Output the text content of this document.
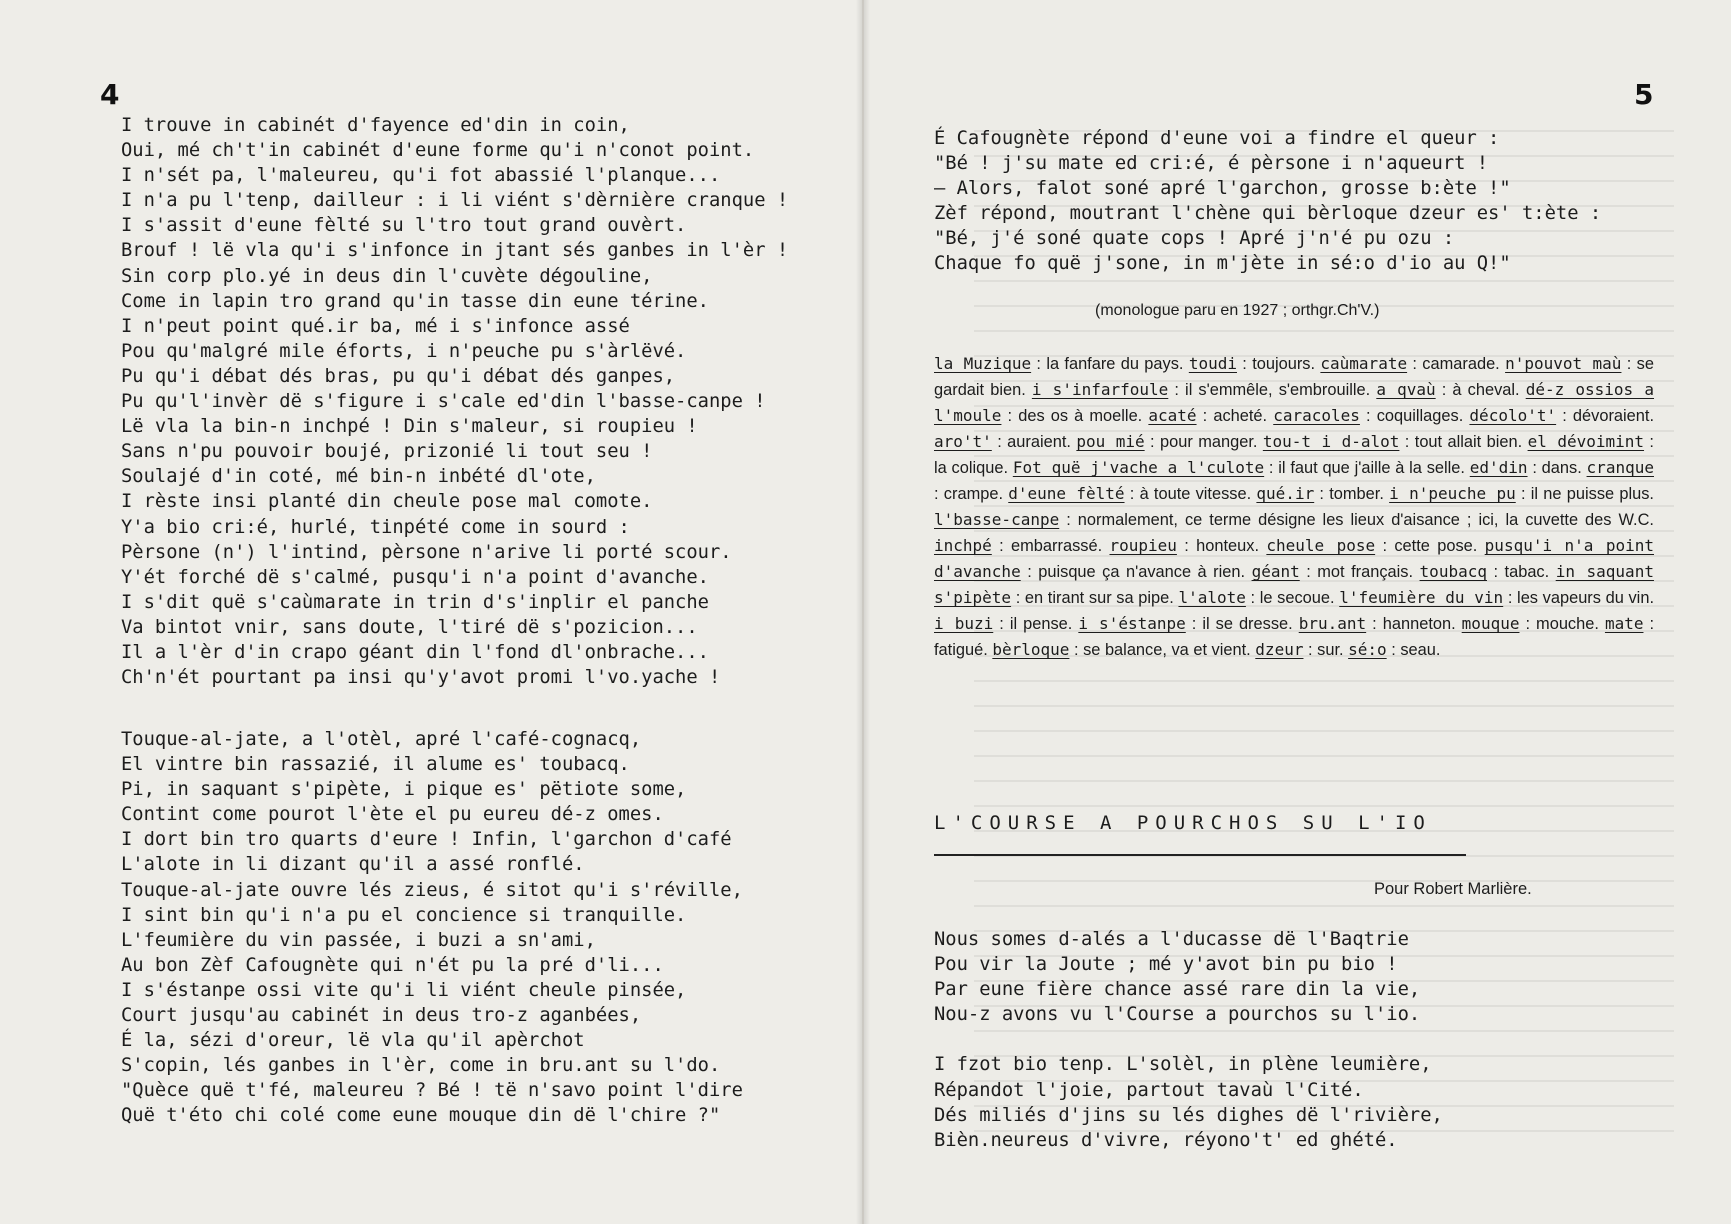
4	5
I trouve in cabinét d'fayence ed'din in coin,
Oui, mé ch't'in cabinét d'eune forme qu'i n'conot point.
I n'sét pa, l'maleureu, qu'i fot abassié l'planque...
I n'a pu l'tenp, dailleur : i li viént s'dèrnière cranque !
I s'assit d'eune fèlté su l'tro tout grand ouvèrt.
Brouf ! lë vla qu'i s'infonce in jtant sés ganbes in l'èr !
Sin corp plo.yé in deus din l'cuvète dégouline,
Come in lapin tro grand qu'in tasse din eune térine.
I n'peut point qué.ir ba, mé i s'infonce assé
Pou qu'malgré mile éforts, i n'peuche pu s'àrlëvé.
Pu qu'i débat dés bras, pu qu'i débat dés ganpes,
Pu qu'l'invèr dë s'figure i s'cale ed'din l'basse-canpe !
Lë vla la bin-n inchpé ! Din s'maleur, si roupieu !
Sans n'pu pouvoir boujé, prizonié li tout seu !
Soulajé d'in coté, mé bin-n inbété dl'ote,
I rèste insi planté din cheule pose mal comote.
Y'a bio cri:é, hurlé, tinpété come in sourd :
Pèrsone (n') l'intind, pèrsone n'arive li porté scour.
Y'ét forché dë s'calmé, pusqu'i n'a point d'avanche.
I s'dit quë s'caùmarate in trin d's'inplir el panche
Va bintot vnir, sans doute, l'tiré dë s'pozicion...
Il a l'èr d'in crapo géant din l'fond dl'onbrache...
Ch'n'ét pourtant pa insi qu'y'avot promi l'vo.yache !
Touque-al-jate, a l'otèl, apré l'café-cognacq,
El vintre bin rassazié, il alume es' toubacq.
Pi, in saquant s'pipète, i pique es' pëtiote some,
Contint come pourot l'ète el pu eureu dé-z omes.
I dort bin tro quarts d'eure ! Infin, l'garchon d'café
L'alote in li dizant qu'il a assé ronflé.
Touque-al-jate ouvre lés zieus, é sitot qu'i s'réville,
I sint bin qu'i n'a pu el concience si tranquille.
L'feumière du vin passée, i buzi a sn'ami,
Au bon Zèf Cafougnète qui n'ét pu la pré d'li...
I s'éstanpe ossi vite qu'i li viént cheule pinsée,
Court jusqu'au cabinét in deus tro-z aganbées,
É la, sézi d'oreur, lë vla qu'il apèrchot
S'copin, lés ganbes in l'èr, come in bru.ant su l'do.
"Quèce quë t'fé, maleureu ? Bé ! të n'savo point l'dire
Quë t'éto chi colé come eune mouque din dë l'chire ?"
É Cafougnète répond d'eune voi a findre el queur :
"Bé ! j'su mate ed cri:é, é pèrsone i n'aqueurt !
— Alors, falot soné apré l'garchon, grosse b:ète !"
Zèf répond, moutrant l'chène qui bèrloque dzeur es' t:ète :
"Bé, j'é soné quate cops ! Apré j'n'é pu ozu :
Chaque fo quë j'sone, in m'jète in sé:o d'io au Q!"
(monologue paru en 1927 ; orthgr.Ch'V.)
la Muzique : la fanfare du pays. toudi : toujours. caùmarate : camarade. n'pouvot maù : se gardait bien. i s'infarfoule : il s'emmêle, s'embrouille. a qvaù : à cheval. dé-z ossios a l'moule : des os à moelle. acaté : acheté. caracoles : coquillages. décolo't' : dévoraient. aro't' : auraient. pou mié : pour manger. tou-t i d-alot : tout allait bien. el dévoimint : la colique. Fot quë j'vache a l'culote : il faut que j'aille à la selle. ed'din : dans. cranque : crampe. d'eune fèlté : à toute vitesse. qué.ir : tomber. i n'peuche pu : il ne puisse plus. l'basse-canpe : normalement, ce terme désigne les lieux d'aisance ; ici, la cuvette des W.C. inchpé : embarrassé. roupieu : honteux. cheule pose : cette pose. pusqu'i n'a point d'avanche : puisque ça n'avance à rien. géant : mot français. toubacq : tabac. in saquant s'pipète : en tirant sur sa pipe. l'alote : le secoue. l'feumière du vin : les vapeurs du vin. i buzi : il pense. i s'éstanpe : il se dresse. bru.ant : hanneton. mouque : mouche. mate : fatigué. bèrloque : se balance, va et vient. dzeur : sur. sé:o : seau.
L'COURSE A POURCHOS SU L'IO
Pour Robert Marlière.
Nous somes d-alés a l'ducasse dë l'Baqtrie
Pou vir la Joute ; mé y'avot bin pu bio !
Par eune fière chance assé rare din la vie,
Nou-z avons vu l'Course a pourchos su l'io.
I fzot bio tenp. L'solèl, in plène leumière,
Répandot l'joie, partout tavaù l'Cité.
Dés miliés d'jins su lés dighes dë l'rivière,
Bièn.neureus d'vivre, réyono't' ed ghété.
